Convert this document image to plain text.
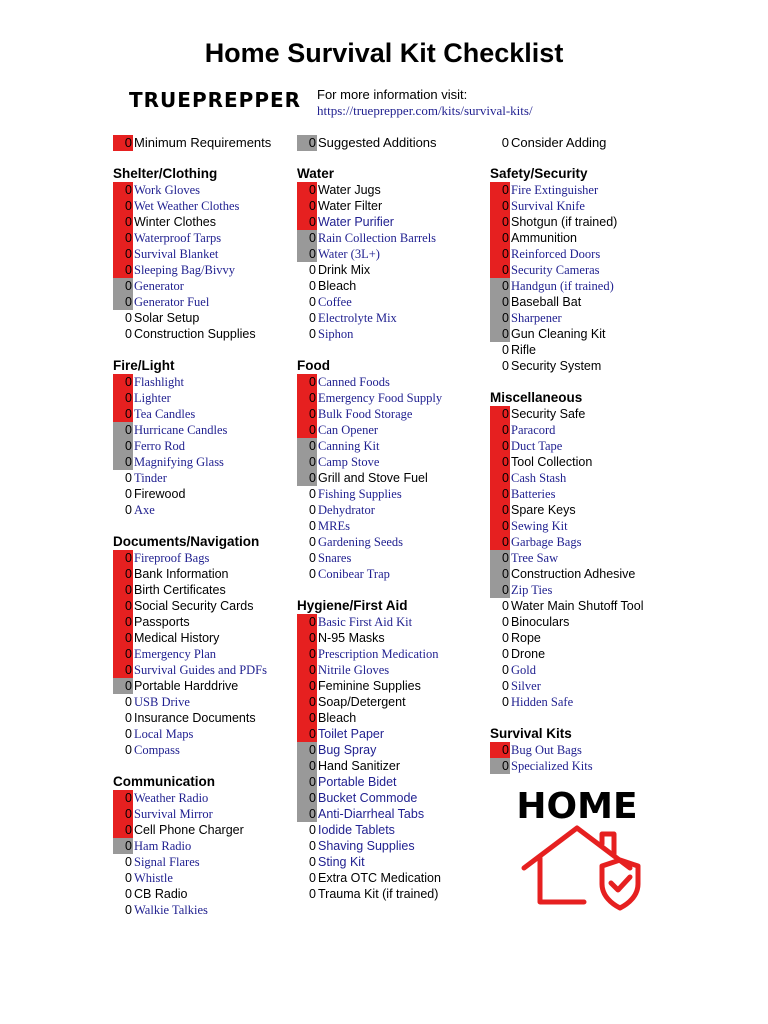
Home Survival Kit Checklist
TRUEPREPPER For more information visit:
https://trueprepper.com/kits/survival-kits/
0 Minimum Requirements	0 Suggested Additions	0 Consider Adding
Shelter/Clothing
0 Work Gloves
0 Wet Weather Clothes
0 Winter Clothes
0 Waterproof Tarps
0 Survival Blanket
0 Sleeping Bag/Bivvy
0 Generator
0 Generator Fuel
0 Solar Setup
0 Construction Supplies
Fire/Light
0 Flashlight
0 Lighter
0 Tea Candles
0 Hurricane Candles
0 Ferro Rod
0 Magnifying Glass
0 Tinder
0 Firewood
0 Axe
Documents/Navigation
0 Fireproof Bags
0 Bank Information
0 Birth Certificates
0 Social Security Cards
0 Passports
0 Medical History
0 Emergency Plan
0 Survival Guides and PDFs
0 Portable Harddrive
0 USB Drive
0 Insurance Documents
0 Local Maps
0 Compass
Communication
0 Weather Radio
0 Survival Mirror
0 Cell Phone Charger
0 Ham Radio
0 Signal Flares
0 Whistle
0 CB Radio
0 Walkie Talkies
Water
0 Water Jugs
0 Water Filter
0 Water Purifier
0 Rain Collection Barrels
0 Water (3L+)
0 Drink Mix
0 Bleach
0 Coffee
0 Electrolyte Mix
0 Siphon
Food
0 Canned Foods
0 Emergency Food Supply
0 Bulk Food Storage
0 Can Opener
0 Canning Kit
0 Camp Stove
0 Grill and Stove Fuel
0 Fishing Supplies
0 Dehydrator
0 MREs
0 Gardening Seeds
0 Snares
0 Conibear Trap
Hygiene/First Aid
0 Basic First Aid Kit
0 N-95 Masks
0 Prescription Medication
0 Nitrile Gloves
0 Feminine Supplies
0 Soap/Detergent
0 Bleach
0 Toilet Paper
0 Bug Spray
0 Hand Sanitizer
0 Portable Bidet
0 Bucket Commode
0 Anti-Diarrheal Tabs
0 Iodide Tablets
0 Shaving Supplies
0 Sting Kit
0 Extra OTC Medication
0 Trauma Kit (if trained)
Safety/Security
0 Fire Extinguisher
0 Survival Knife
0 Shotgun (if trained)
0 Ammunition
0 Reinforced Doors
0 Security Cameras
0 Handgun (if trained)
0 Baseball Bat
0 Sharpener
0 Gun Cleaning Kit
0 Rifle
0 Security System
Miscellaneous
0 Security Safe
0 Paracord
0 Duct Tape
0 Tool Collection
0 Cash Stash
0 Batteries
0 Spare Keys
0 Sewing Kit
0 Garbage Bags
0 Tree Saw
0 Construction Adhesive
0 Zip Ties
0 Water Main Shutoff Tool
0 Binoculars
0 Rope
0 Drone
0 Gold
0 Silver
0 Hidden Safe
Survival Kits
0 Bug Out Bags
0 Specialized Kits
HOME
